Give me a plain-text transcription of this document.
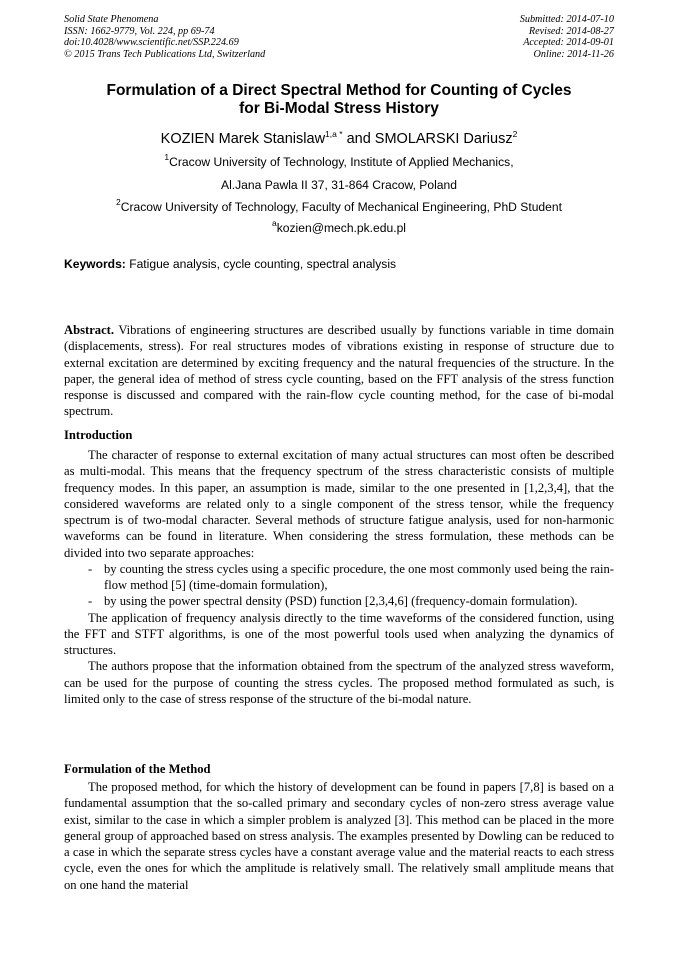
Solid State Phenomena
ISSN: 1662-9779, Vol. 224, pp 69-74
doi:10.4028/www.scientific.net/SSP.224.69
© 2015 Trans Tech Publications Ltd, Switzerland
Submitted: 2014-07-10
Revised: 2014-08-27
Accepted: 2014-09-01
Online: 2014-11-26
Formulation of a Direct Spectral Method for Counting of Cycles
for Bi-Modal Stress History
KOZIEN Marek Stanislaw$^{1,a *}$ and SMOLARSKI Dariusz$^2$
$^1$Cracow University of Technology, Institute of Applied Mechanics,
Al.Jana Pawla II 37, 31-864 Cracow, Poland
$^2$Cracow University of Technology, Faculty of Mechanical Engineering, PhD Student
$^a$kozien@mech.pk.edu.pl
Keywords: Fatigue analysis, cycle counting, spectral analysis

Abstract. Vibrations of engineering structures are described usually by functions variable in time domain (displacements, stress). For real structures modes of vibrations existing in response of structure due to external excitation are determined by exciting frequency and the natural frequencies of the structure. In the paper, the general idea of method of stress cycle counting, based on the FFT analysis of the stress function response is discussed and compared with the rain-flow cycle counting method, for the case of bi-modal spectrum.

Introduction

The character of response to external excitation of many actual structures can most often be described as multi-modal. This means that the frequency spectrum of the stress characteristic consists of multiple frequency modes. In this paper, an assumption is made, similar to the one presented in [1,2,3,4], that the considered waveforms are related only to a single component of the stress tensor, while the frequency spectrum is of two-modal character. Several methods of structure fatigue analysis, used for non-harmonic waveforms can be found in literature. When considering the stress formulation, these methods can be divided into two separate approaches:

- by counting the stress cycles using a specific procedure, the one most commonly used being the rain-flow method [5] (time-domain formulation),
- by using the power spectral density (PSD) function [2,3,4,6] (frequency-domain formulation).

The application of frequency analysis directly to the time waveforms of the considered function, using the FFT and STFT algorithms, is one of the most powerful tools used when analyzing the dynamics of structures.

The authors propose that the information obtained from the spectrum of the analyzed stress waveform, can be used for the purpose of counting the stress cycles. The proposed method formulated as such, is limited only to the case of stress response of the structure of the bi-modal nature.

Formulation of the Method

The proposed method, for which the history of development can be found in papers [7,8] is based on a fundamental assumption that the so-called primary and secondary cycles of non-zero stress average value exist, similar to the case in which a simpler problem is analyzed [3]. This method can be placed in the more general group of approached based on stress analysis. The examples presented by Dowling can be reduced to a case in which the separate stress cycles have a constant average value and the material reacts to each stress cycle, even the ones for which the amplitude is relatively small. The relatively small amplitude means that on one hand the material
